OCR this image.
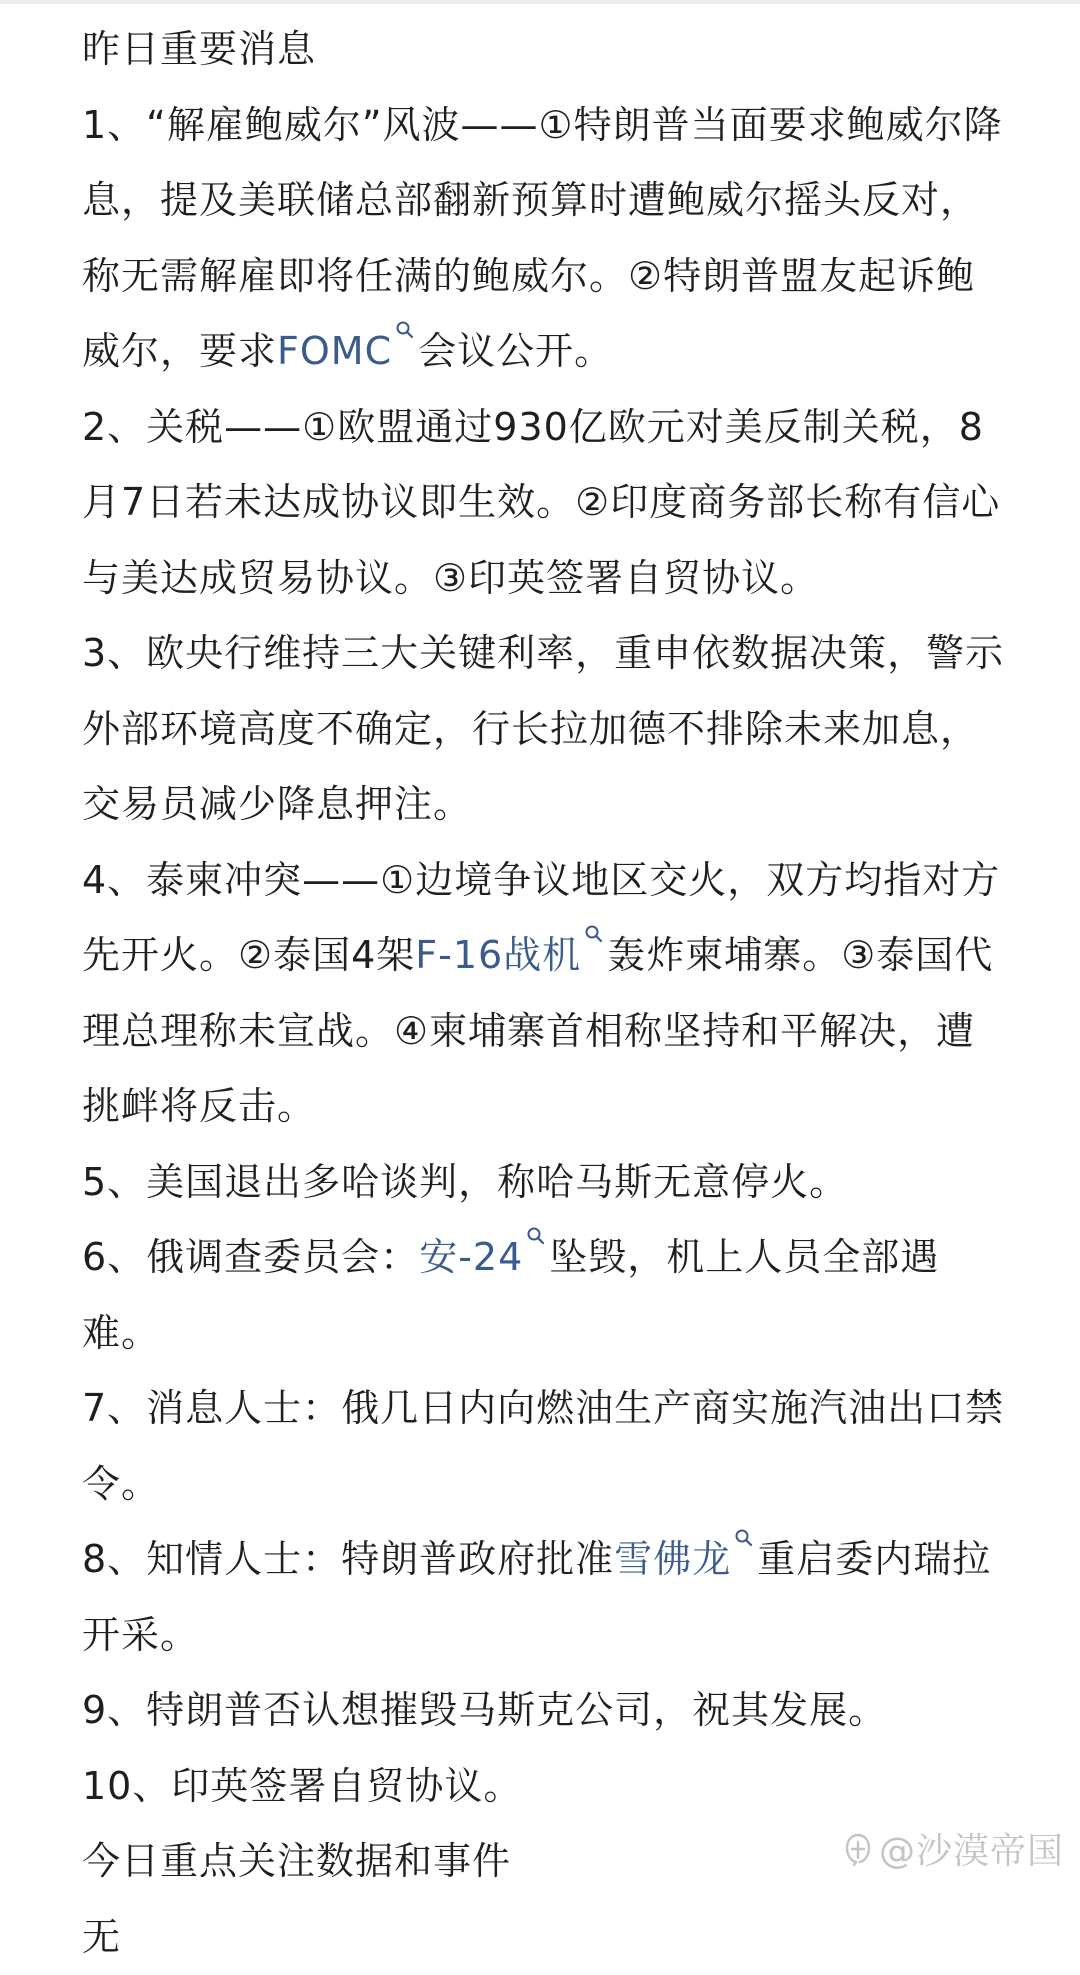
昨日重要消息

1、“解雇鲍威尔”风波——①特朗普当面要求鲍威尔降息，提及美联储总部翻新预算时遭鲍威尔摇头反对，称无需解雇即将任满的鲍威尔。②特朗普盟友起诉鲍威尔，要求FOMC 会议公开。

2、关税——①欧盟通过930亿欧元对美反制关税，8月7日若未达成协议即生效。②印度商务部长称有信心与美达成贸易协议。③印英签署自贸协议。

3、欧央行维持三大关键利率，重申依数据决策，警示外部环境高度不确定，行长拉加德不排除未来加息，交易员减少降息押注。

4、泰柬冲突——①边境争议地区交火，双方均指对方先开火。②泰国4架F-16战机 轰炸柬埔寨。③泰国代理总理称未宣战。④柬埔寨首相称坚持和平解决，遭挑衅将反击。

5、美国退出多哈谈判，称哈马斯无意停火。

6、俄调查委员会：安-24 坠毁，机上人员全部遇难。

7、消息人士：俄几日内向燃油生产商实施汽油出口禁令。

8、知情人士：特朗普政府批准雪佛龙 重启委内瑞拉开采。

9、特朗普否认想摧毁马斯克公司，祝其发展。

10、印英签署自贸协议。

今日重点关注数据和事件

无

@沙漠帝国
